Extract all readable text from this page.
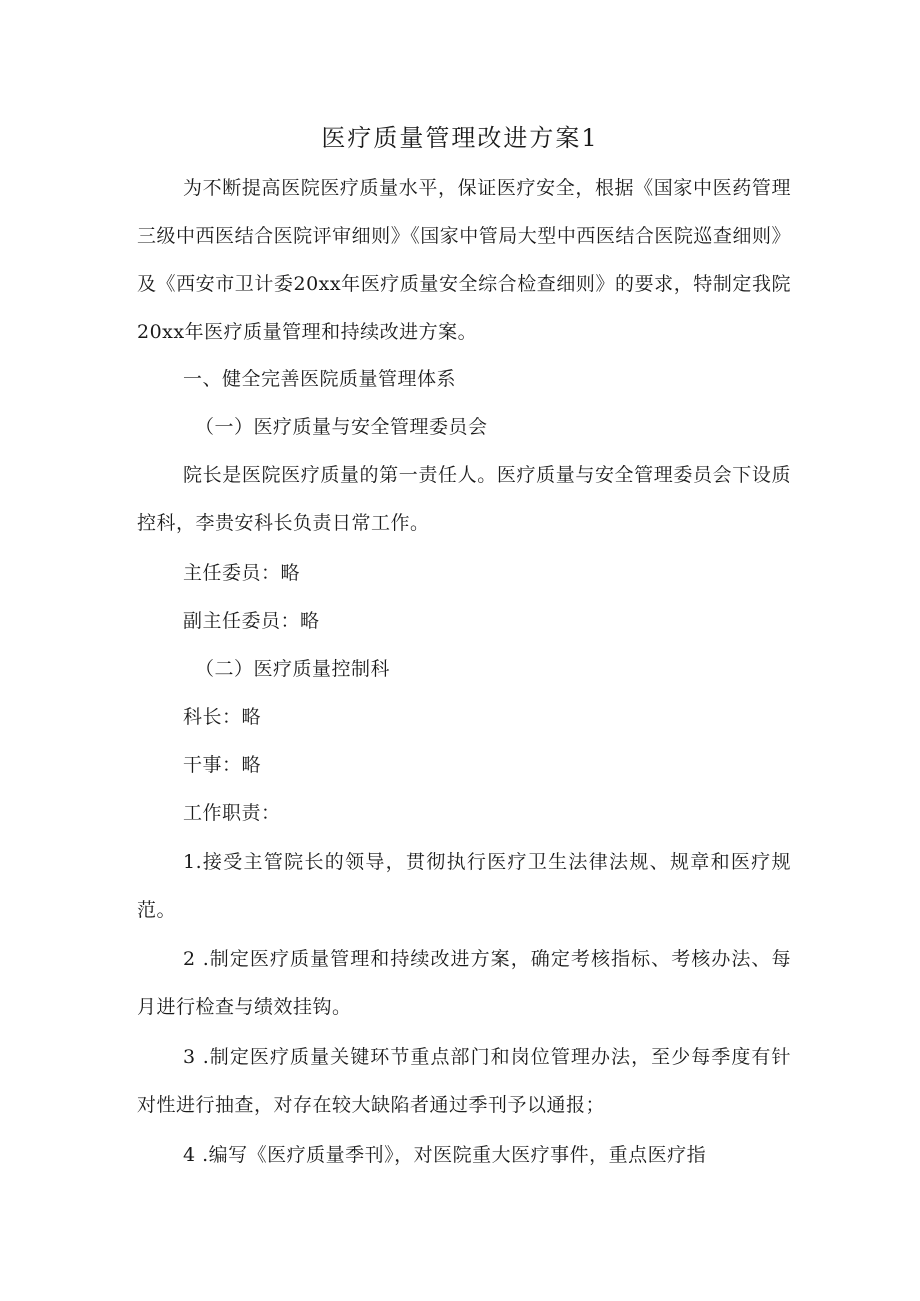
医疗质量管理改进方案1

为不断提高医院医疗质量水平，保证医疗安全，根据《国家中医药管理三级中西医结合医院评审细则》《国家中管局大型中西医结合医院巡查细则》及《西安市卫计委20xx年医疗质量安全综合检查细则》的要求，特制定我院20xx年医疗质量管理和持续改进方案。

一、健全完善医院质量管理体系

（一）医疗质量与安全管理委员会

院长是医院医疗质量的第一责任人。医疗质量与安全管理委员会下设质控科，李贵安科长负责日常工作。

主任委员：略

副主任委员：略

（二）医疗质量控制科

科长：略

干事：略

工作职责：

1.接受主管院长的领导，贯彻执行医疗卫生法律法规、规章和医疗规范。

2 .制定医疗质量管理和持续改进方案，确定考核指标、考核办法、每月进行检查与绩效挂钩。

3 .制定医疗质量关键环节重点部门和岗位管理办法，至少每季度有针对性进行抽查，对存在较大缺陷者通过季刊予以通报；

4 .编写《医疗质量季刊》，对医院重大医疗事件，重点医疗指
